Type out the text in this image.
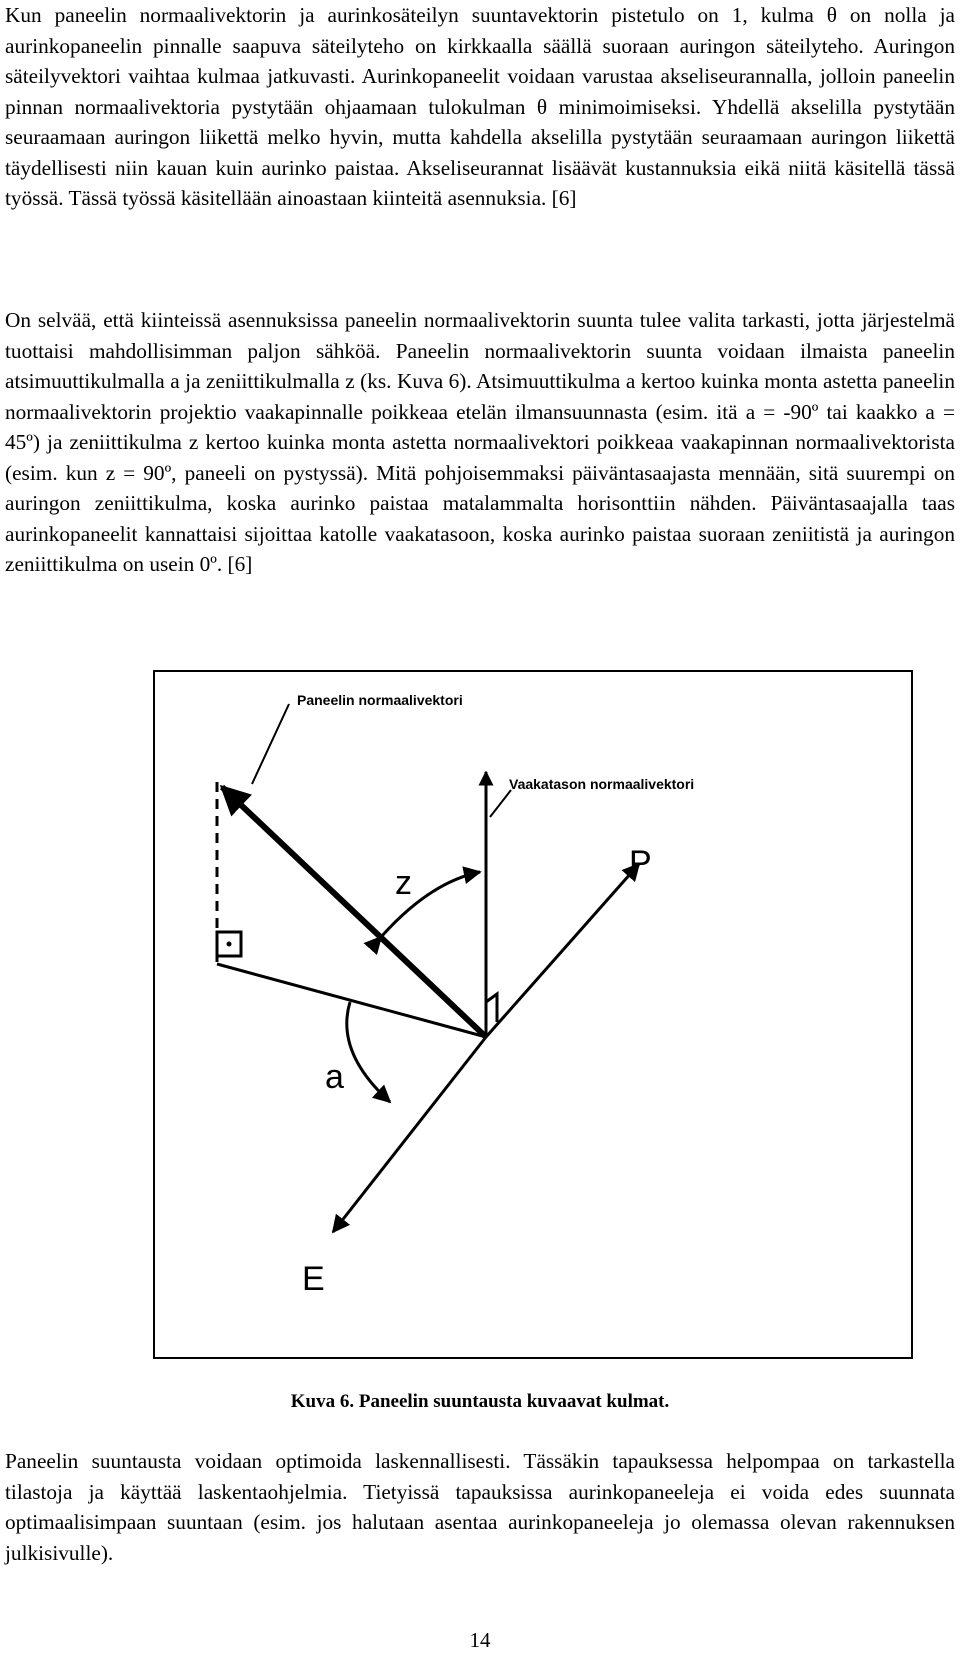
Kun paneelin normaalivektorin ja aurinkosäteilyn suuntavektorin pistetulo on 1, kulma θ on nolla ja aurinkopaneelin pinnalle saapuva säteilyteho on kirkkaalla säällä suoraan auringon säteilyteho. Auringon säteilyvektori vaihtaa kulmaa jatkuvasti. Aurinkopaneelit voidaan varustaa akseliseurannalla, jolloin paneelin pinnan normaalivektoria pystytään ohjaamaan tulokulman θ minimoimiseksi. Yhdellä akselilla pystytään seuraamaan auringon liikettä melko hyvin, mutta kahdella akselilla pystytään seuraamaan auringon liikettä täydellisesti niin kauan kuin aurinko paistaa. Akseliseurannat lisäävät kustannuksia eikä niitä käsitellä tässä työssä. Tässä työssä käsitellään ainoastaan kiinteitä asennuksia. [6]

On selvää, että kiinteissä asennuksissa paneelin normaalivektorin suunta tulee valita tarkasti, jotta järjestelmä tuottaisi mahdollisimman paljon sähköä. Paneelin normaalivektorin suunta voidaan ilmaista paneelin atsimuuttikulmalla a ja zeniittikulmalla z (ks. Kuva 6). Atsimuuttikulma a kertoo kuinka monta astetta paneelin normaalivektorin projektio vaakapinnalle poikkeaa etelän ilmansuunnasta (esim. itä a = -90º tai kaakko a = 45º) ja zeniittikulma z kertoo kuinka monta astetta normaalivektori poikkeaa vaakapinnan normaalivektorista (esim. kun z = 90º, paneeli on pystyssä). Mitä pohjoisemmaksi päiväntasaajasta mennään, sitä suurempi on auringon zeniittikulma, koska aurinko paistaa matalammalta horisonttiin nähden. Päiväntasaajalla taas aurinkopaneelit kannattaisi sijoittaa katolle vaakatasoon, koska aurinko paistaa suoraan zeniitistä ja auringon zeniittikulma on usein 0º. [6]

Paneelin normaalivektori
Vaakatason normaalivektori
z
a
P
E
Kuva 6. Paneelin suuntausta kuvaavat kulmat.

Paneelin suuntausta voidaan optimoida laskennallisesti. Tässäkin tapauksessa helpompaa on tarkastella tilastoja ja käyttää laskentaohjelmia. Tietyissä tapauksissa aurinkopaneeleja ei voida edes suunnata optimaalisimpaan suuntaan (esim. jos halutaan asentaa aurinkopaneeleja jo olemassa olevan rakennuksen julkisivulle).

14
